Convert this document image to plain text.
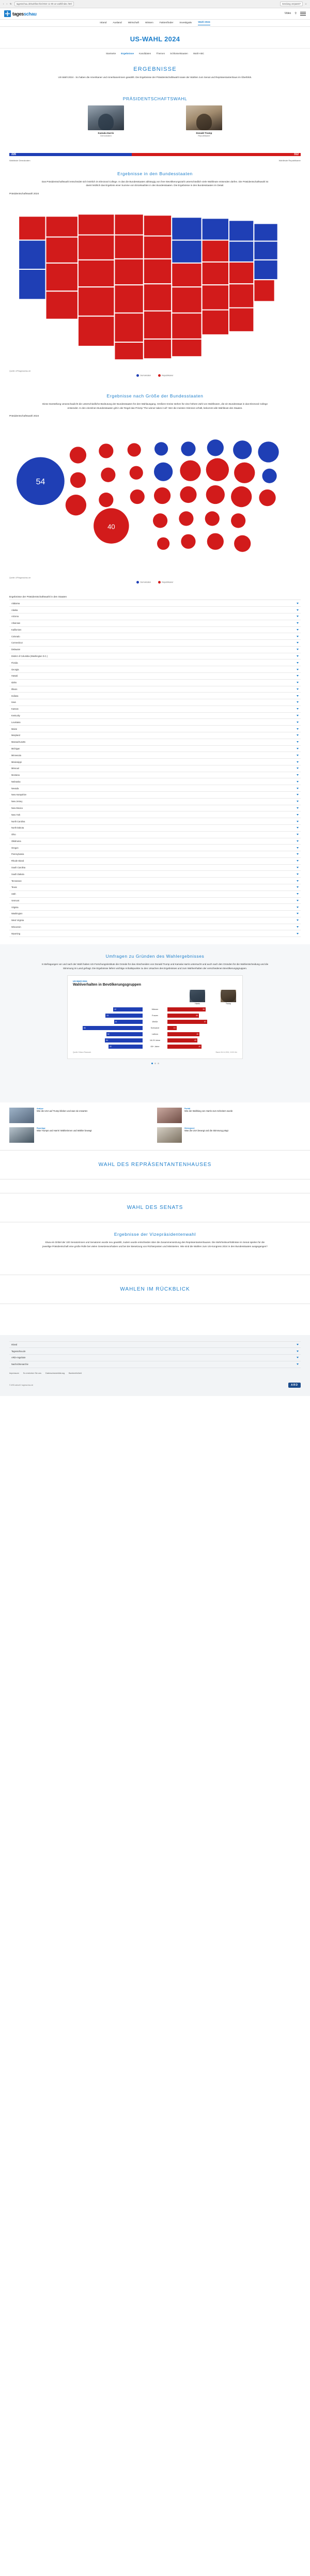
‹ › ↻	tagesschau.de/wahl/archiv/2024-11-05-us-wahl/index.html	Sendung verpasst?	☆
tagesschau	Video ⚲
Inland	Ausland	Wirtschaft	Wissen	Faktenfinder	Investigativ	Wahl 2024
US-WAHL 2024
Startseite Ergebnisse Kandidaten Themen Schlüsselstaaten Wahl-ABC
ERGEBNISSE

US-Wahl 2024 - So haben die Amerikaner und Amerikanerinnen gewählt. Die Ergebnisse der Präsidentschaftswahl sowie der Wahlen zum Senat und Repräsentantenhaus im Überblick.

PRÄSIDENTSCHAFTSWAHL
Kamala Harris
Demokraten
Donald Trump
Republikaner
226	312
Wahlleute Demokraten	Wahlleute Republikaner
Ergebnisse in den Bundesstaaten

Das Präsidentschaftswahl entscheidet sich letztlich im Electoral College. In das die Bundesstaaten abhängig von ihrer Bevölkerungszahl unterschiedlich viele Wahlleute entsenden dürfen. Die Präsidentschaftswahl ist damit letztlich das Ergebnis einer Summe von Einzelwahlen in den Bundesstaaten. Die Ergebnisse in den Bundesstaaten im Detail.

Präsidentschaftswahl 2024
Quelle: AP/tagesschau.de
Demokraten	Republikaner
Ergebnisse nach Größe der Bundesstaaten

Diese Darstellung veranschaulicht die unterschiedliche Bedeutung der Bundesstaaten für den Wahlausgang. Größere Kreise stehen für eine höhere Zahl von Wahlleuten, die ein Bundesstaat in das Electoral College entsendet. In den einzelnen Bundesstaaten gilt in der Regel das Prinzip 'The winner takes it all': Wer die meisten Stimmen erhält, bekommt alle Wahlleute des Staates.

Präsidentschaftswahl 2024
54
40
Quelle: AP/tagesschau.de
Demokraten	Republikaner
Ergebnisse der Präsidentschaftswahl in den Staaten
Alabama
Alaska
Arizona
Arkansas
Kalifornien
Colorado
Connecticut
Delaware
District of Columbia (Washington D.C.)
Florida
Georgia
Hawaii
Idaho
Illinois
Indiana
Iowa
Kansas
Kentucky
Louisiana
Maine
Maryland
Massachusetts
Michigan
Minnesota
Mississippi
Missouri
Montana
Nebraska
Nevada
New Hampshire
New Jersey
New Mexico
New York
North Carolina
North Dakota
Ohio
Oklahoma
Oregon
Pennsylvania
Rhode Island
South Carolina
South Dakota
Tennessee
Texas
Utah
Vermont
Virginia
Washington
West Virginia
Wisconsin
Wyoming
Umfragen zu Gründen des Wahlergebnisses

In Befragungen vor und nach der Wahl haben US-Forschungsinstitute die Gründe für das Abschneiden von Donald Trump und Kamala Harris untersucht und auch nach den Gründen für die Wahlentscheidung und die Stimmung im Land gefragt. Die Ergebnisse liefern wichtige Anhaltspunkte zu den Ursachen des Ergebnisses und zum Wahlverhalten der verschiedenen Bevölkerungsgruppen.

US-Wahl 2024
Wahlverhalten in Bevölkerungsgruppen
Harris	Trump
42	Männer	55
53	Frauen	45
41	Weiße	57
86	Schwarze	13
52	Latinos	46
54	18-29 Jahre	43
49	65+ Jahre	49
Quelle: Edison Research	Stand: 06.11.2024, 10:30 Uhr
Analyse
Wie die USA auf Trump blicken und was sie erwarten
Porträt
Wie der Wahlsieg von Harris zum Scheitern wurde
Reportage
Was Trumps und Harris' Wählerinnen und Wähler bewegt
Hintergrund
Was die USA bewegt und die Stimmung prägt
WAHL DES REPRÄSENTANTENHAUSES
WAHL DES SENATS
Ergebnisse der Vizepräsidentenwahl

Etwa ein Drittel der 100 Senatorinnen und Senatoren wurde neu gewählt, zudem wurde entschieden über die Zusammensetzung des Repräsentantenhauses. Die Mehrheitsverhältnisse im Senat spielen für die jeweilige Präsidentschaft eine große Rolle bei vielen Gesetzesvorhaben und bei der Besetzung von Richterposten und Ministerien. Wie sind die Wahlen zum US-Kongress 2024 in den Bundesstaaten ausgegangen?

WAHLEN IM RÜCKBLICK
Inland
Tagesschau.de
ARD-Angebote
Nachrichtenarchiv
Impressum So erreichen Sie uns Datenschutzerklärung Barrierefreiheit
© ARD-aktuell / tagesschau.de	ARD
